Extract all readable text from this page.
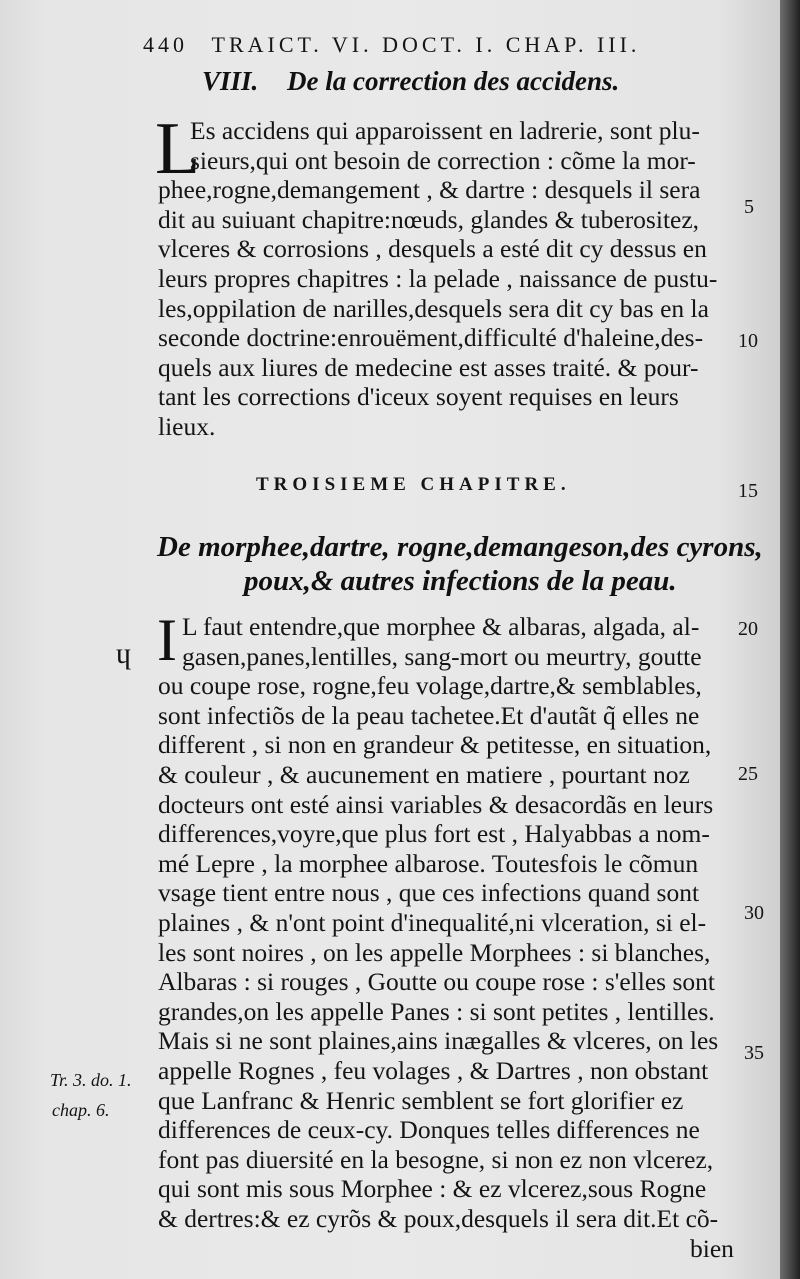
440 TRAICT. VI. DOCT. I. CHAP. III.
VIII. De la correction des accidens.
L
Es accidens qui apparoissent en ladrerie, sont plu-
sieurs,qui ont besoin de correction : cõme la mor-
phee,rogne,demangement , & dartre : desquels il sera
dit au suiuant chapitre:nœuds, glandes & tuberositez,
vlceres & corrosions , desquels a esté dit cy dessus en
leurs propres chapitres : la pelade , naissance de pustu-
les,oppilation de narilles,desquels sera dit cy bas en la
seconde doctrine:enrouëment,difficulté d'haleine,des-
quels aux liures de medecine est asses traité. & pour-
tant les corrections d'iceux soyent requises en leurs
lieux.
TROISIEME CHAPITRE.
De morphee,dartre, rogne,demangeson,des cyrons,
poux,& autres infections de la peau.
I
ɥ
L faut entendre,que morphee & albaras, algada, al-
gasen,panes,lentilles, sang-mort ou meurtry, goutte
ou coupe rose, rogne,feu volage,dartre,& semblables,
sont infectiõs de la peau tachetee.Et d'autãt q̃ elles ne
different , si non en grandeur & petitesse, en situation,
& couleur , & aucunement en matiere , pourtant noz
docteurs ont esté ainsi variables & desacordãs en leurs
differences,voyre,que plus fort est , Halyabbas a nom-
mé Lepre , la morphee albarose. Toutesfois le cõmun
vsage tient entre nous , que ces infections quand sont
plaines , & n'ont point d'inequalité,ni vlceration, si el-
les sont noires , on les appelle Morphees : si blanches,
Albaras : si rouges , Goutte ou coupe rose : s'elles sont
grandes,on les appelle Panes : si sont petites , lentilles.
Mais si ne sont plaines,ains inægalles & vlceres, on les
appelle Rognes , feu volages , & Dartres , non obstant
que Lanfranc & Henric semblent se fort glorifier ez
differences de ceux-cy. Donques telles differences ne
font pas diuersité en la besogne, si non ez non vlcerez,
qui sont mis sous Morphee : & ez vlcerez,sous Rogne
& dertres:& ez cyrõs & poux,desquels il sera dit.Et cõ-
bien
5
10
15
20
25
30
35
Tr. 3. do. 1.
chap. 6.
